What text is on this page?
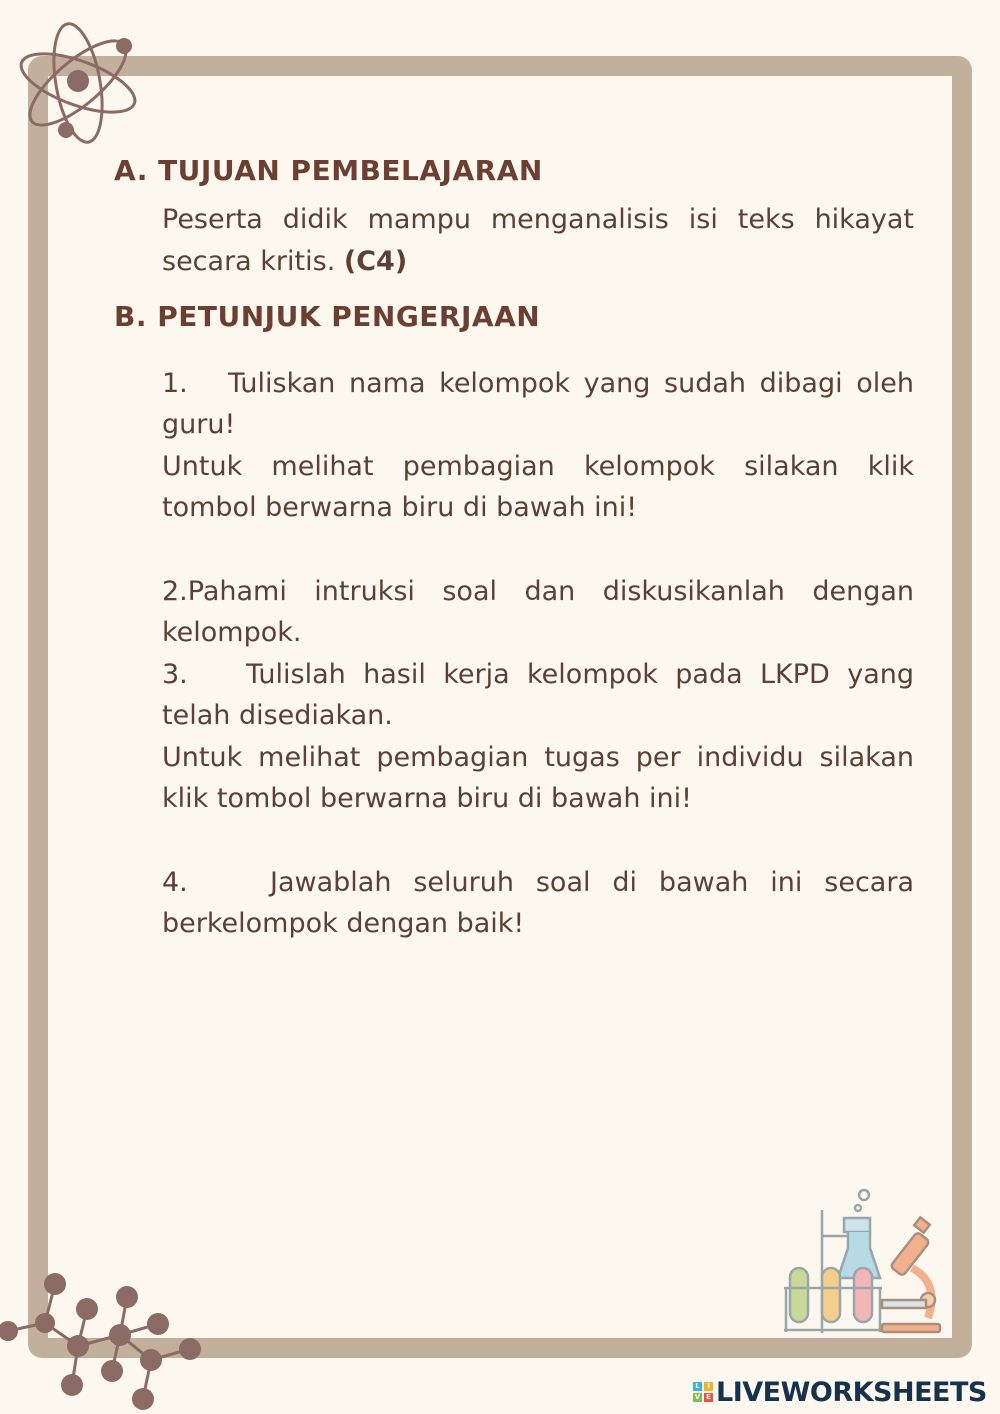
A. TUJUAN PEMBELAJARAN
Peserta didik mampu menganalisis isi teks hikayat
secara kritis. (C4)
B. PETUNJUK PENGERJAAN
1. Tuliskan nama kelompok yang sudah dibagi oleh
guru!
Untuk melihat pembagian kelompok silakan klik
tombol berwarna biru di bawah ini!
2.Pahami intruksi soal dan diskusikanlah dengan
kelompok.
3. Tulislah hasil kerja kelompok pada LKPD yang
telah disediakan.
Untuk melihat pembagian tugas per individu silakan
klik tombol berwarna biru di bawah ini!
4.	Jawablah seluruh soal di bawah ini secara
berkelompok dengan baik!
L	I
V E LIVEWORKSHEETS
